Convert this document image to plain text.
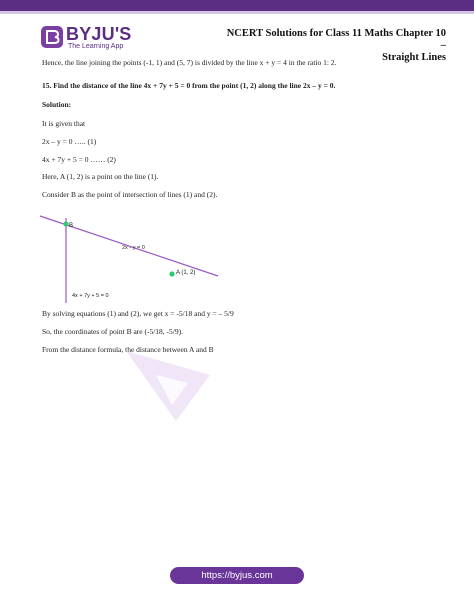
BYJU'S
The Learning App
NCERT Solutions for Class 11 Maths Chapter 10 –
Straight Lines
Hence, the line joining the points (-1, 1) and (5, 7) is divided by the line x + y = 4 in the ratio 1: 2.
15. Find the distance of the line 4x + 7y + 5 = 0 from the point (1, 2) along the line 2x – y = 0.
Solution:
It is given that
2x – y = 0 ….. (1)
4x + 7y + 5 = 0 …… (2)
Here, A (1, 2) is a point on the line (1).
Consider B as the point of intersection of lines (1) and (2).
B
A (1, 2)
2x - y = 0
4x + 7y + 5 = 0
By solving equations (1) and (2), we get x = -5/18 and y = – 5/9
So, the coordinates of point B are (-5/18, -5/9).
From the distance formula, the distance between A and B
https://byjus.com
